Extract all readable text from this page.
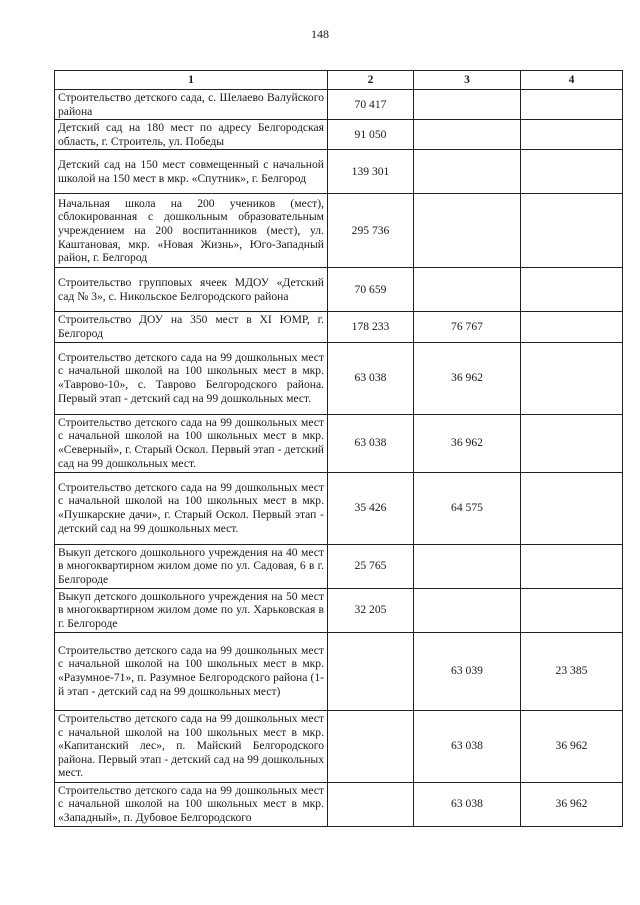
148
1	2	3	4
Строительство детского сада, с. Шелаево Валуйского района	70 417		
Детский сад на 180 мест по адресу Белгородская область, г. Строитель, ул. Победы	91 050		
Детский сад на 150 мест совмещенный с начальной школой на 150 мест в мкр. «Спутник», г. Белгород	139 301		
Начальная школа на 200 учеников (мест), сблокированная с дошкольным образовательным учреждением на 200 воспитанников (мест), ул. Каштановая, мкр. «Новая Жизнь», Юго-Западный район, г. Белгород	295 736		
Строительство групповых ячеек МДОУ «Детский сад № 3», с. Никольское Белгородского района	70 659		
Строительство ДОУ на 350 мест в XI ЮМР, г. Белгород	178 233	76 767	
Строительство детского сада на 99 дошкольных мест с начальной школой на 100 школьных мест в мкр. «Таврово-10», с. Таврово Белгородского района. Первый этап - детский сад на 99 дошкольных мест.	63 038	36 962	
Строительство детского сада на 99 дошкольных мест с начальной школой на 100 школьных мест в мкр. «Северный», г. Старый Оскол. Первый этап - детский сад на 99 дошкольных мест.	63 038	36 962	
Строительство детского сада на 99 дошкольных мест с начальной школой на 100 школьных мест в мкр. «Пушкарские дачи», г. Старый Оскол. Первый этап - детский сад на 99 дошкольных мест.	35 426	64 575	
Выкуп детского дошкольного учреждения на 40 мест в многоквартирном жилом доме по ул. Садовая, 6 в г. Белгороде	25 765		
Выкуп детского дошкольного учреждения на 50 мест в многоквартирном жилом доме по ул. Харьковская в г. Белгороде	32 205		
Строительство детского сада на 99 дошкольных мест с начальной школой на 100 школьных мест в мкр. «Разумное-71», п. Разумное Белгородского района (1-й этап - детский сад на 99 дошкольных мест)		63 039	23 385
Строительство детского сада на 99 дошкольных мест с начальной школой на 100 школьных мест в мкр. «Капитанский лес», п. Майский Белгородского района. Первый этап - детский сад на 99 дошкольных мест.		63 038	36 962
Строительство детского сада на 99 дошкольных мест с начальной школой на 100 школьных мест в мкр. «Западный», п. Дубовое Белгородского		63 038	36 962
